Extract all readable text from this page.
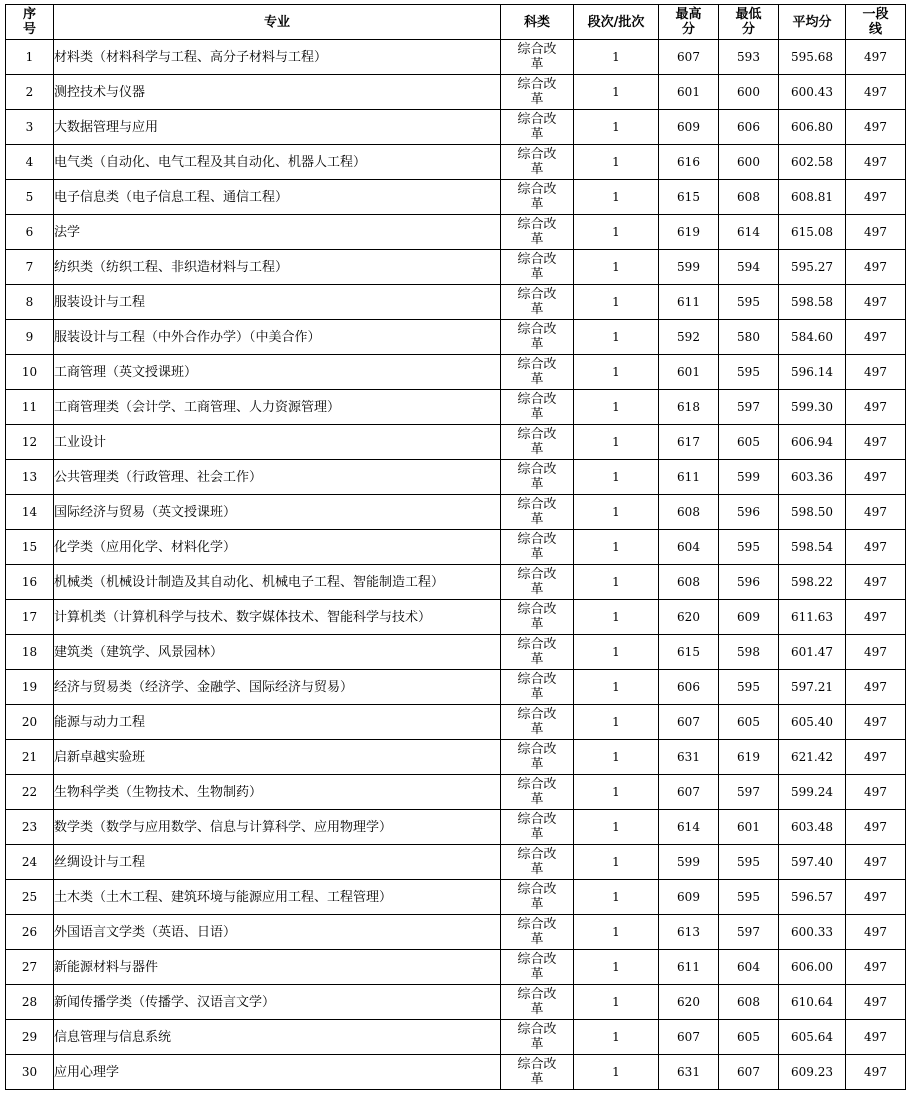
序号	专业	科类	段次/批次	最高分	最低分	平均分	一段线
1	材料类（材料科学与工程、高分子材料与工程）	综合改革	1	607	593	595.68	497
2	测控技术与仪器	综合改革	1	601	600	600.43	497
3	大数据管理与应用	综合改革	1	609	606	606.80	497
4	电气类（自动化、电气工程及其自动化、机器人工程）	综合改革	1	616	600	602.58	497
5	电子信息类（电子信息工程、通信工程）	综合改革	1	615	608	608.81	497
6	法学	综合改革	1	619	614	615.08	497
7	纺织类（纺织工程、非织造材料与工程）	综合改革	1	599	594	595.27	497
8	服装设计与工程	综合改革	1	611	595	598.58	497
9	服装设计与工程（中外合作办学）（中美合作）	综合改革	1	592	580	584.60	497
10	工商管理（英文授课班）	综合改革	1	601	595	596.14	497
11	工商管理类（会计学、工商管理、人力资源管理）	综合改革	1	618	597	599.30	497
12	工业设计	综合改革	1	617	605	606.94	497
13	公共管理类（行政管理、社会工作）	综合改革	1	611	599	603.36	497
14	国际经济与贸易（英文授课班）	综合改革	1	608	596	598.50	497
15	化学类（应用化学、材料化学）	综合改革	1	604	595	598.54	497
16	机械类（机械设计制造及其自动化、机械电子工程、智能制造工程）	综合改革	1	608	596	598.22	497
17	计算机类（计算机科学与技术、数字媒体技术、智能科学与技术）	综合改革	1	620	609	611.63	497
18	建筑类（建筑学、风景园林）	综合改革	1	615	598	601.47	497
19	经济与贸易类（经济学、金融学、国际经济与贸易）	综合改革	1	606	595	597.21	497
20	能源与动力工程	综合改革	1	607	605	605.40	497
21	启新卓越实验班	综合改革	1	631	619	621.42	497
22	生物科学类（生物技术、生物制药）	综合改革	1	607	597	599.24	497
23	数学类（数学与应用数学、信息与计算科学、应用物理学）	综合改革	1	614	601	603.48	497
24	丝绸设计与工程	综合改革	1	599	595	597.40	497
25	土木类（土木工程、建筑环境与能源应用工程、工程管理）	综合改革	1	609	595	596.57	497
26	外国语言文学类（英语、日语）	综合改革	1	613	597	600.33	497
27	新能源材料与器件	综合改革	1	611	604	606.00	497
28	新闻传播学类（传播学、汉语言文学）	综合改革	1	620	608	610.64	497
29	信息管理与信息系统	综合改革	1	607	605	605.64	497
30	应用心理学	综合改革	1	631	607	609.23	497
